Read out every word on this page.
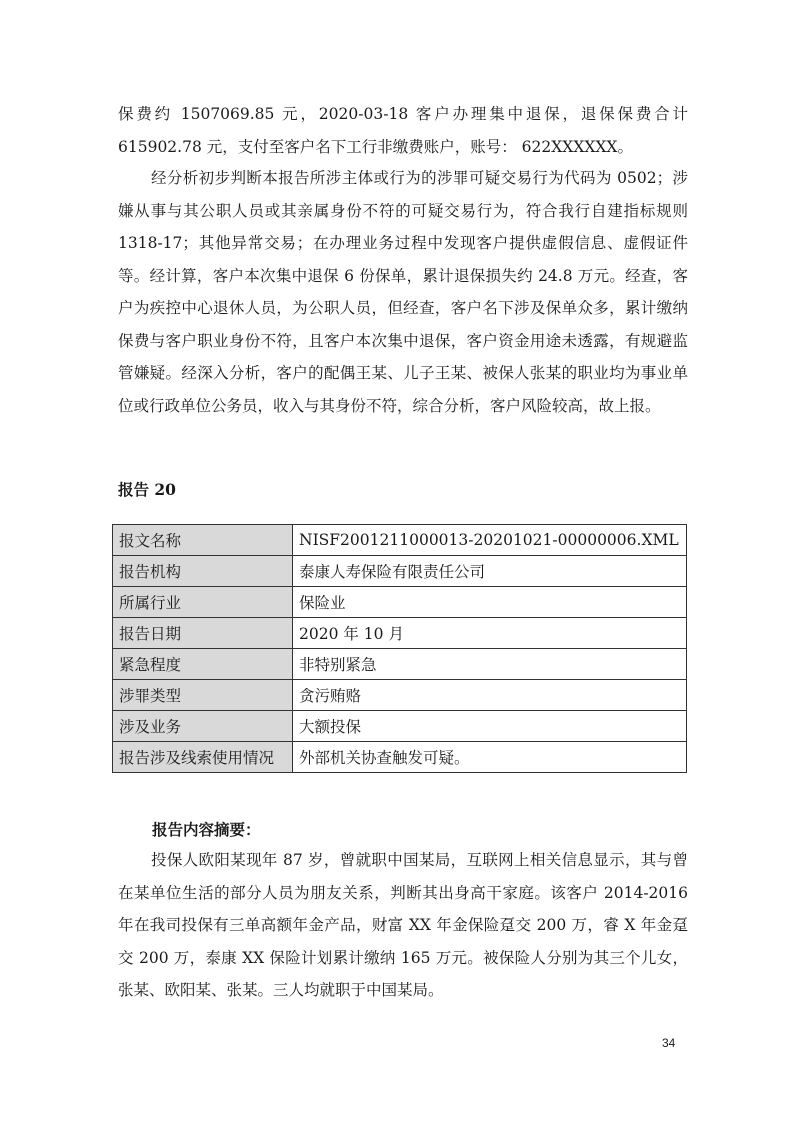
保费约 1507069.85 元，2020-03-18 客户办理集中退保，退保保费合计 615902.78 元，支付至客户名下工行非缴费账户，账号： 622XXXXXX。

经分析初步判断本报告所涉主体或行为的涉罪可疑交易行为代码为 0502；涉嫌从事与其公职人员或其亲属身份不符的可疑交易行为，符合我行自建指标规则 1318-17；其他异常交易；在办理业务过程中发现客户提供虚假信息、虚假证件等。经计算，客户本次集中退保 6 份保单，累计退保损失约 24.8 万元。经查，客户为疾控中心退休人员，为公职人员，但经查，客户名下涉及保单众多，累计缴纳保费与客户职业身份不符，且客户本次集中退保，客户资金用途未透露，有规避监管嫌疑。经深入分析，客户的配偶王某、儿子王某、被保人张某的职业均为事业单位或行政单位公务员，收入与其身份不符，综合分析，客户风险较高，故上报。

报告 20

报文名称	NISF2001211000013-20201021-00000006.XML
报告机构	泰康人寿保险有限责任公司
所属行业	保险业
报告日期	2020 年 10 月
紧急程度	非特别紧急
涉罪类型	贪污贿赂
涉及业务	大额投保
报告涉及线索使用情况	外部机关协查触发可疑。

报告内容摘要：

投保人欧阳某现年 87 岁，曾就职中国某局，互联网上相关信息显示，其与曾在某单位生活的部分人员为朋友关系，判断其出身高干家庭。该客户 2014-2016 年在我司投保有三单高额年金产品，财富 XX 年金保险趸交 200 万，睿 X 年金趸交 200 万，泰康 XX 保险计划累计缴纳 165 万元。被保险人分别为其三个儿女，张某、欧阳某、张某。三人均就职于中国某局。

34
